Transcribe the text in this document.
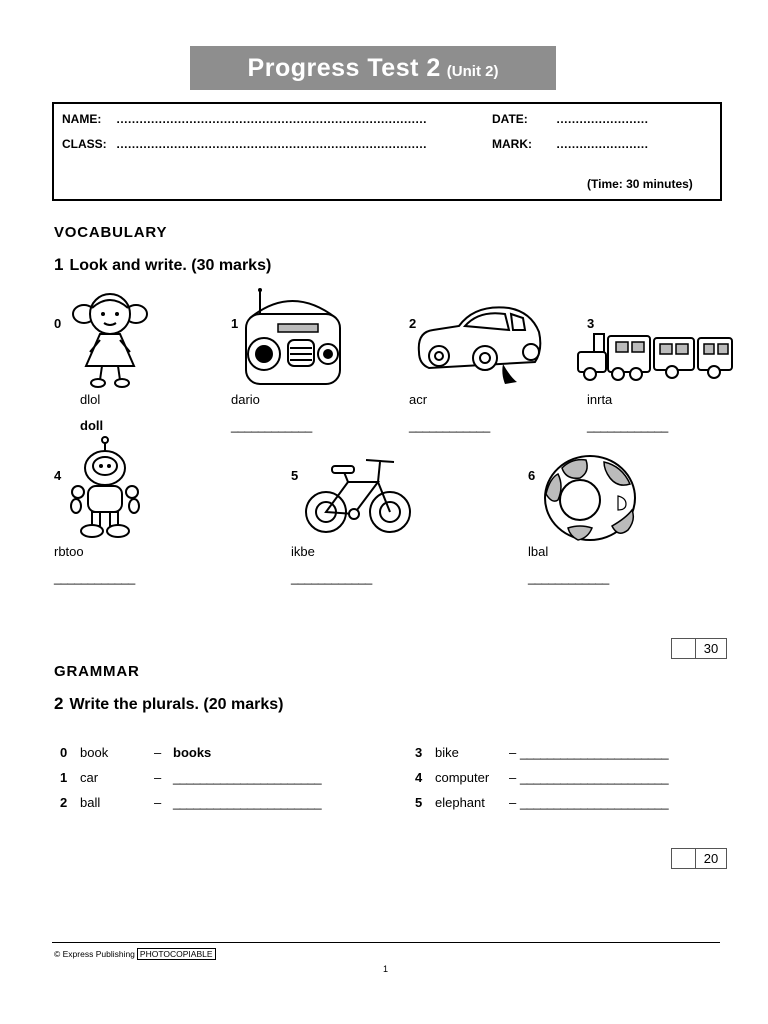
Progress Test 2 (Unit 2)
NAME: ………………………………………………………………………
CLASS: ………………………………………………………………………
DATE: ……………………
MARK: ……………………
(Time: 30 minutes)
VOCABULARY
1 Look and write. (30 marks)
0	1	2	3
dlol	dario	acr	inrta
doll	____________	____________	____________
4	5	6
rbtoo	ikbe	lbal
____________	____________	____________
30
GRAMMAR
2 Write the plurals. (20 marks)
0 book	– books
1 car	– ______________________
2 ball	– ______________________
3 bike	– ______________________
4 computer – ______________________
5 elephant – ______________________
20
© Express Publishing PHOTOCOPIABLE
1
